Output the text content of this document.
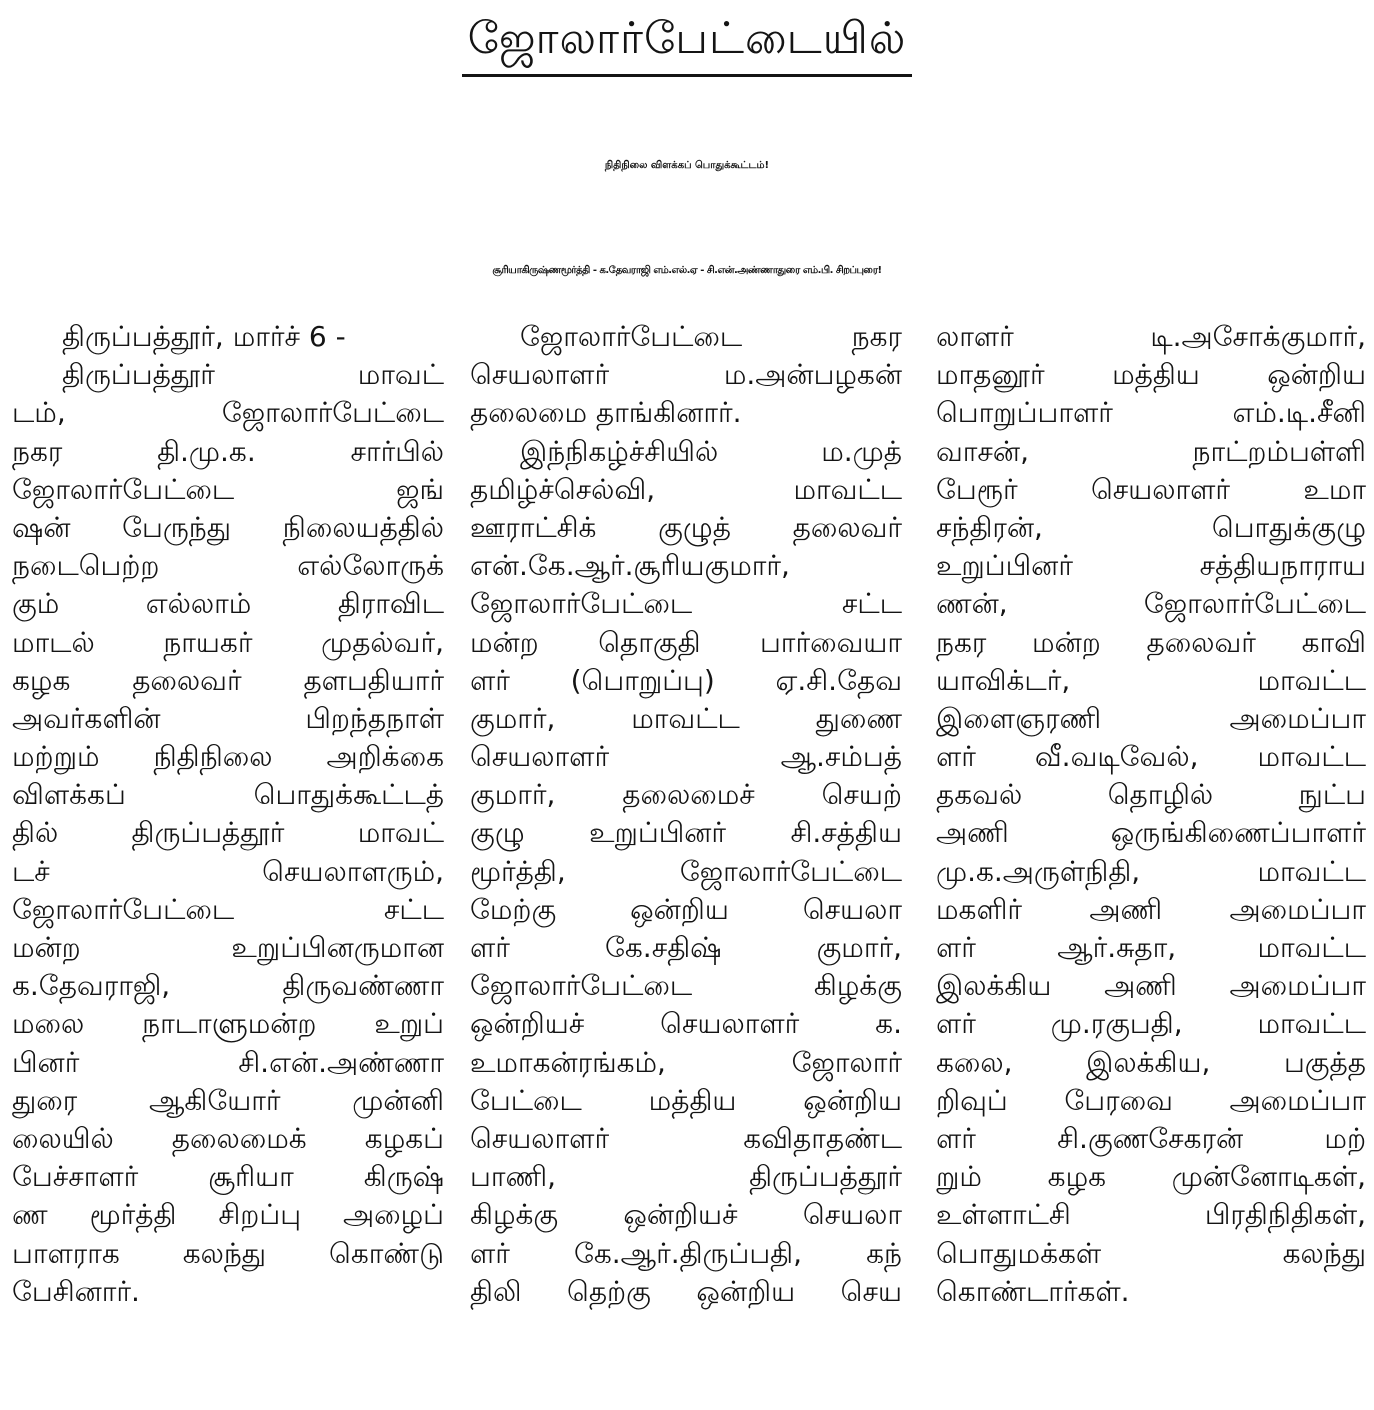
ஜோலார்பேட்டையில்
நிதிநிலை விளக்கப் பொதுக்கூட்டம்!
சூரியாகிருஷ்ணமூர்த்தி - க.தேவராஜி எம்.எல்.ஏ - சி.என்.அண்ணாதுரை எம்.பி. சிறப்புரை!
திருப்பத்தூர், மார்ச் 6 -
திருப்பத்தூர் மாவட்
டம், ஜோலார்பேட்டை
நகர தி.மு.க. சார்பில்
ஜோலார்பேட்டை ஜங்
ஷன் பேருந்து நிலையத்தில்
நடைபெற்ற எல்லோருக்
கும் எல்லாம் திராவிட
மாடல் நாயகர் முதல்வர்,
கழக தலைவர் தளபதியார்
அவர்களின் பிறந்தநாள்
மற்றும் நிதிநிலை அறிக்கை
விளக்கப் பொதுக்கூட்டத்
தில் திருப்பத்தூர் மாவட்
டச் செயலாளரும்,
ஜோலார்பேட்டை சட்ட
மன்ற உறுப்பினருமான
க.தேவராஜி, திருவண்ணா
மலை நாடாளுமன்ற உறுப்
பினர் சி.என்.அண்ணா
துரை ஆகியோர் முன்னி
லையில் தலைமைக் கழகப்
பேச்சாளர் சூரியா கிருஷ்
ண மூர்த்தி சிறப்பு அழைப்
பாளராக கலந்து கொண்டு
பேசினார்.
ஜோலார்பேட்டை நகர
செயலாளர் ம.அன்பழகன்
தலைமை தாங்கினார்.
இந்நிகழ்ச்சியில் ம.முத்
தமிழ்ச்செல்வி, மாவட்ட
ஊராட்சிக் குழுத் தலைவர்
என்.கே.ஆர்.சூரியகுமார்,
ஜோலார்பேட்டை சட்ட
மன்ற தொகுதி பார்வையா
ளர் (பொறுப்பு) ஏ.சி.தேவ
குமார், மாவட்ட துணை
செயலாளர் ஆ.சம்பத்
குமார், தலைமைச் செயற்
குழு உறுப்பினர் சி.சத்திய
மூர்த்தி, ஜோலார்பேட்டை
மேற்கு ஒன்றிய செயலா
ளர் கே.சதிஷ் குமார்,
ஜோலார்பேட்டை கிழக்கு
ஒன்றியச் செயலாளர் க.
உமாகன்ரங்கம், ஜோலார்
பேட்டை மத்திய ஒன்றிய
செயலாளர் கவிதாதண்ட
பாணி, திருப்பத்தூர்
கிழக்கு ஒன்றியச் செயலா
ளர் கே.ஆர்.திருப்பதி, கந்
திலி தெற்கு ஒன்றிய செய
லாளர் டி.அசோக்குமார்,
மாதனூர் மத்திய ஒன்றிய
பொறுப்பாளர் எம்.டி.சீனி
வாசன், நாட்றம்பள்ளி
பேரூர் செயலாளர் உமா
சந்திரன், பொதுக்குழு
உறுப்பினர் சத்தியநாராய
ணன், ஜோலார்பேட்டை
நகர மன்ற தலைவர் காவி
யாவிக்டர், மாவட்ட
இளைஞரணி அமைப்பா
ளர் வீ.வடிவேல், மாவட்ட
தகவல் தொழில் நுட்ப
அணி ஒருங்கிணைப்பாளர்
மு.க.அருள்நிதி, மாவட்ட
மகளிர் அணி அமைப்பா
ளர் ஆர்.சுதா, மாவட்ட
இலக்கிய அணி அமைப்பா
ளர் மு.ரகுபதி, மாவட்ட
கலை, இலக்கிய, பகுத்த
றிவுப் பேரவை அமைப்பா
ளர் சி.குணசேகரன் மற்
றும் கழக முன்னோடிகள்,
உள்ளாட்சி பிரதிநிதிகள்,
பொதுமக்கள் கலந்து
கொண்டார்கள்.
